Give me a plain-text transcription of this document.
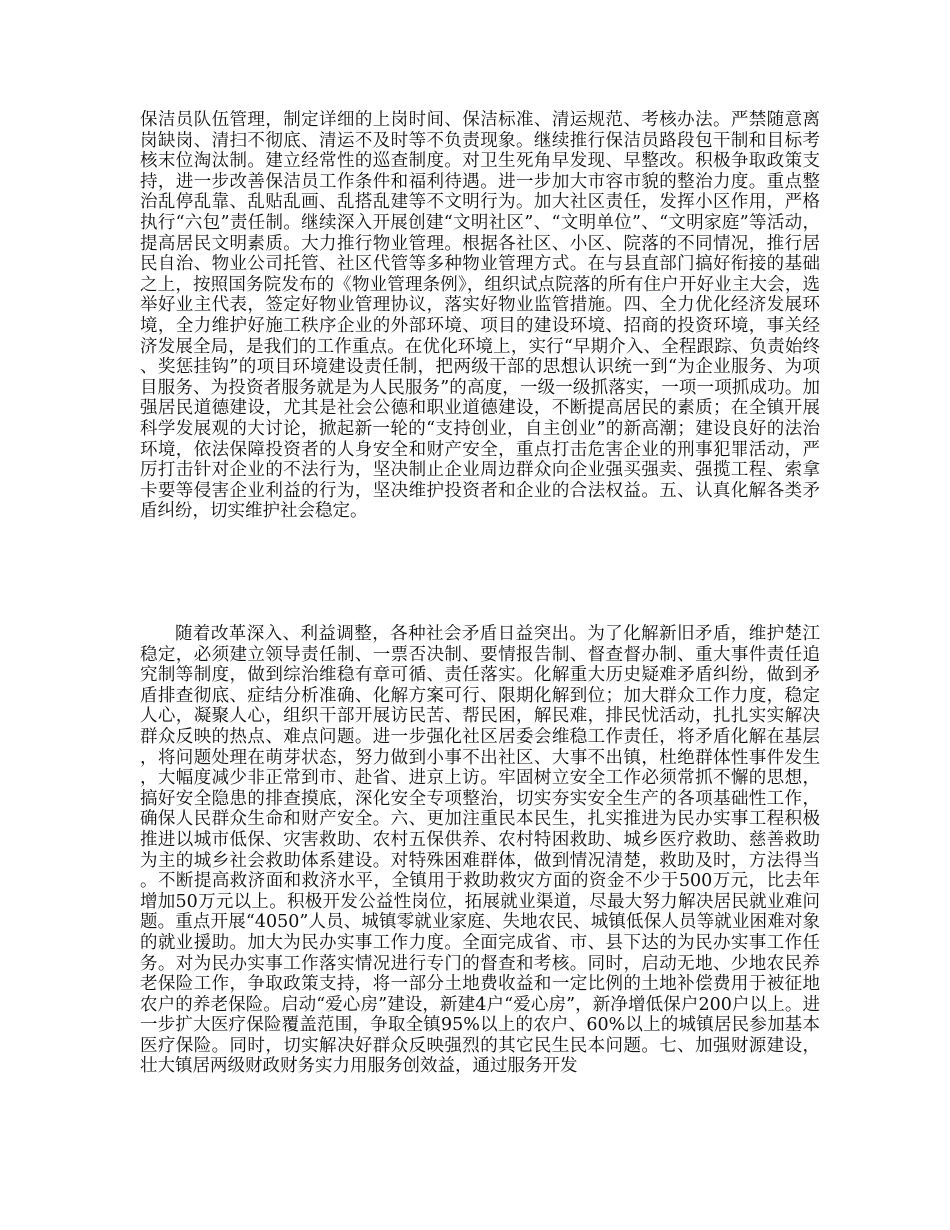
保洁员队伍管理，制定详细的上岗时间、保洁标准、清运规范、考核办法。严禁随意离岗缺岗、清扫不彻底、清运不及时等不负责现象。继续推行保洁员路段包干制和目标考核末位淘汰制。建立经常性的巡查制度。对卫生死角早发现、早整改。积极争取政策支持，进一步改善保洁员工作条件和福利待遇。进一步加大市容市貌的整治力度。重点整治乱停乱靠、乱贴乱画、乱搭乱建等不文明行为。加大社区责任，发挥小区作用，严格执行“六包”责任制。继续深入开展创建“文明社区”、“文明单位”、“文明家庭”等活动，提高居民文明素质。大力推行物业管理。根据各社区、小区、院落的不同情况，推行居民自治、物业公司托管、社区代管等多种物业管理方式。在与县直部门搞好衔接的基础之上，按照国务院发布的《物业管理条例》，组织试点院落的所有住户开好业主大会，选举好业主代表，签定好物业管理协议，落实好物业监管措施。四、全力优化经济发展环境，全力维护好施工秩序企业的外部环境、项目的建设环境、招商的投资环境，事关经济发展全局，是我们的工作重点。在优化环境上，实行“早期介入、全程跟踪、负责始终、奖惩挂钩”的项目环境建设责任制，把两级干部的思想认识统一到“为企业服务、为项目服务、为投资者服务就是为人民服务”的高度，一级一级抓落实，一项一项抓成功。加强居民道德建设，尤其是社会公德和职业道德建设，不断提高居民的素质；在全镇开展科学发展观的大讨论，掀起新一轮的“支持创业，自主创业”的新高潮；建设良好的法治环境，依法保障投资者的人身安全和财产安全，重点打击危害企业的刑事犯罪活动，严厉打击针对企业的不法行为，坚决制止企业周边群众向企业强买强卖、强揽工程、索拿卡要等侵害企业利益的行为，坚决维护投资者和企业的合法权益。五、认真化解各类矛盾纠纷，切实维护社会稳定。

随着改革深入、利益调整，各种社会矛盾日益突出。为了化解新旧矛盾，维护楚江稳定，必须建立领导责任制、一票否决制、要情报告制、督查督办制、重大事件责任追究制等制度，做到综治维稳有章可循、责任落实。化解重大历史疑难矛盾纠纷，做到矛盾排查彻底、症结分析准确、化解方案可行、限期化解到位；加大群众工作力度，稳定人心，凝聚人心，组织干部开展访民苦、帮民困，解民难，排民忧活动，扎扎实实解决群众反映的热点、难点问题。进一步强化社区居委会维稳工作责任，将矛盾化解在基层，将问题处理在萌芽状态，努力做到小事不出社区、大事不出镇，杜绝群体性事件发生，大幅度减少非正常到市、赴省、进京上访。牢固树立安全工作必须常抓不懈的思想，搞好安全隐患的排查摸底，深化安全专项整治，切实夯实安全生产的各项基础性工作，确保人民群众生命和财产安全。六、更加注重民本民生，扎实推进为民办实事工程积极推进以城市低保、灾害救助、农村五保供养、农村特困救助、城乡医疗救助、慈善救助为主的城乡社会救助体系建设。对特殊困难群体，做到情况清楚，救助及时，方法得当。不断提高救济面和救济水平，全镇用于救助救灾方面的资金不少于500万元，比去年增加50万元以上。积极开发公益性岗位，拓展就业渠道，尽最大努力解决居民就业难问题。重点开展“4050”人员、城镇零就业家庭、失地农民、城镇低保人员等就业困难对象的就业援助。加大为民办实事工作力度。全面完成省、市、县下达的为民办实事工作任务。对为民办实事工作落实情况进行专门的督查和考核。同时，启动无地、少地农民养老保险工作，争取政策支持，将一部分土地费收益和一定比例的土地补偿费用于被征地农户的养老保险。启动“爱心房”建设，新建4户“爱心房”，新净增低保户200户以上。进一步扩大医疗保险覆盖范围，争取全镇95%以上的农户、60%以上的城镇居民参加基本医疗保险。同时，切实解决好群众反映强烈的其它民生民本问题。七、加强财源建设，壮大镇居两级财政财务实力用服务创效益，通过服务开发
